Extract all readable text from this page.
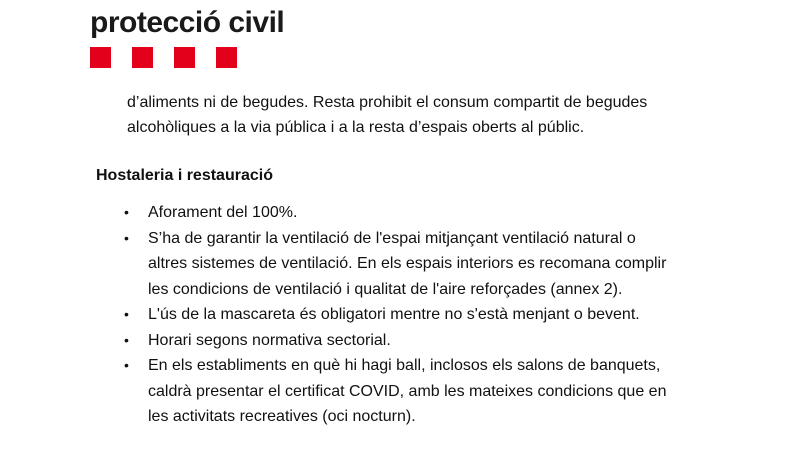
protecció civil

d’aliments ni de begudes. Resta prohibit el consum compartit de begudes

alcohòliques a la via pública i a la resta d’espais oberts al públic.

Hostaleria i restauració
• Aforament del 100%.
• S’ha de garantir la ventilació de l'espai mitjançant ventilació natural o
altres sistemes de ventilació. En els espais interiors es recomana complir
les condicions de ventilació i qualitat de l'aire reforçades (annex 2).
• L'ús de la mascareta és obligatori mentre no s'està menjant o bevent.
• Horari segons normativa sectorial.
• En els establiments en què hi hagi ball, inclosos els salons de banquets,
caldrà presentar el certificat COVID, amb les mateixes condicions que en
les activitats recreatives (oci nocturn).
